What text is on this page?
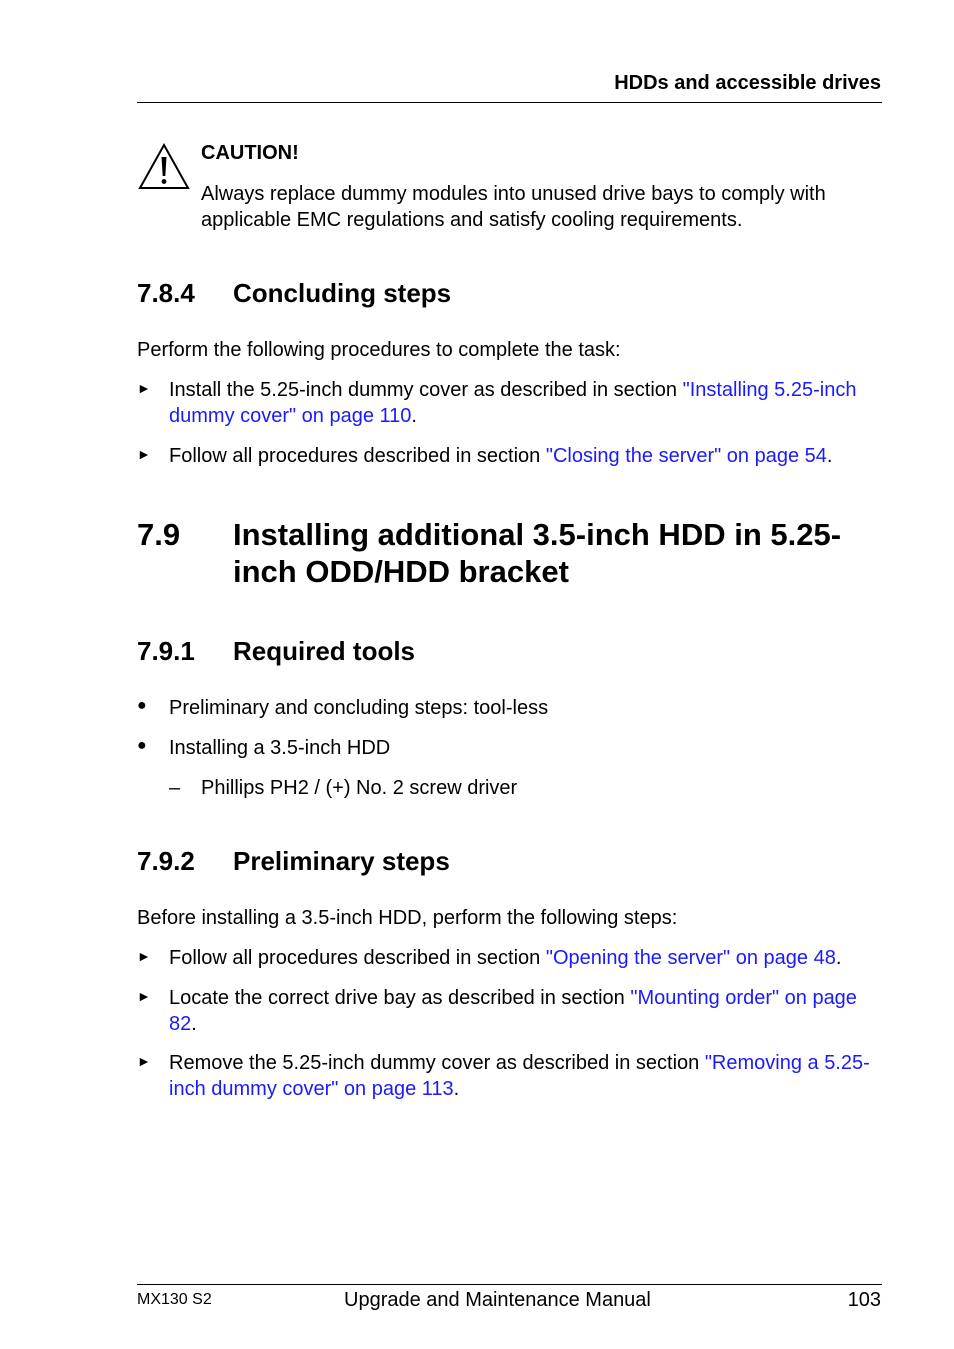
HDDs and accessible drives
CAUTION!
Always replace dummy modules into unused drive bays to comply with applicable EMC regulations and satisfy cooling requirements.
7.8.4 Concluding steps
Perform the following procedures to complete the task:
► Install the 5.25-inch dummy cover as described in section "Installing 5.25-inch dummy cover" on page 110.
► Follow all procedures described in section "Closing the server" on page 54.
7.9 Installing additional 3.5-inch HDD in 5.25-inch ODD/HDD bracket
7.9.1 Required tools
● Preliminary and concluding steps: tool-less
● Installing a 3.5-inch HDD
– Phillips PH2 / (+) No. 2 screw driver
7.9.2 Preliminary steps
Before installing a 3.5-inch HDD, perform the following steps:
► Follow all procedures described in section "Opening the server" on page 48.
► Locate the correct drive bay as described in section "Mounting order" on page 82.
► Remove the 5.25-inch dummy cover as described in section "Removing a 5.25-inch dummy cover" on page 113.
MX130 S2	Upgrade and Maintenance Manual	103
